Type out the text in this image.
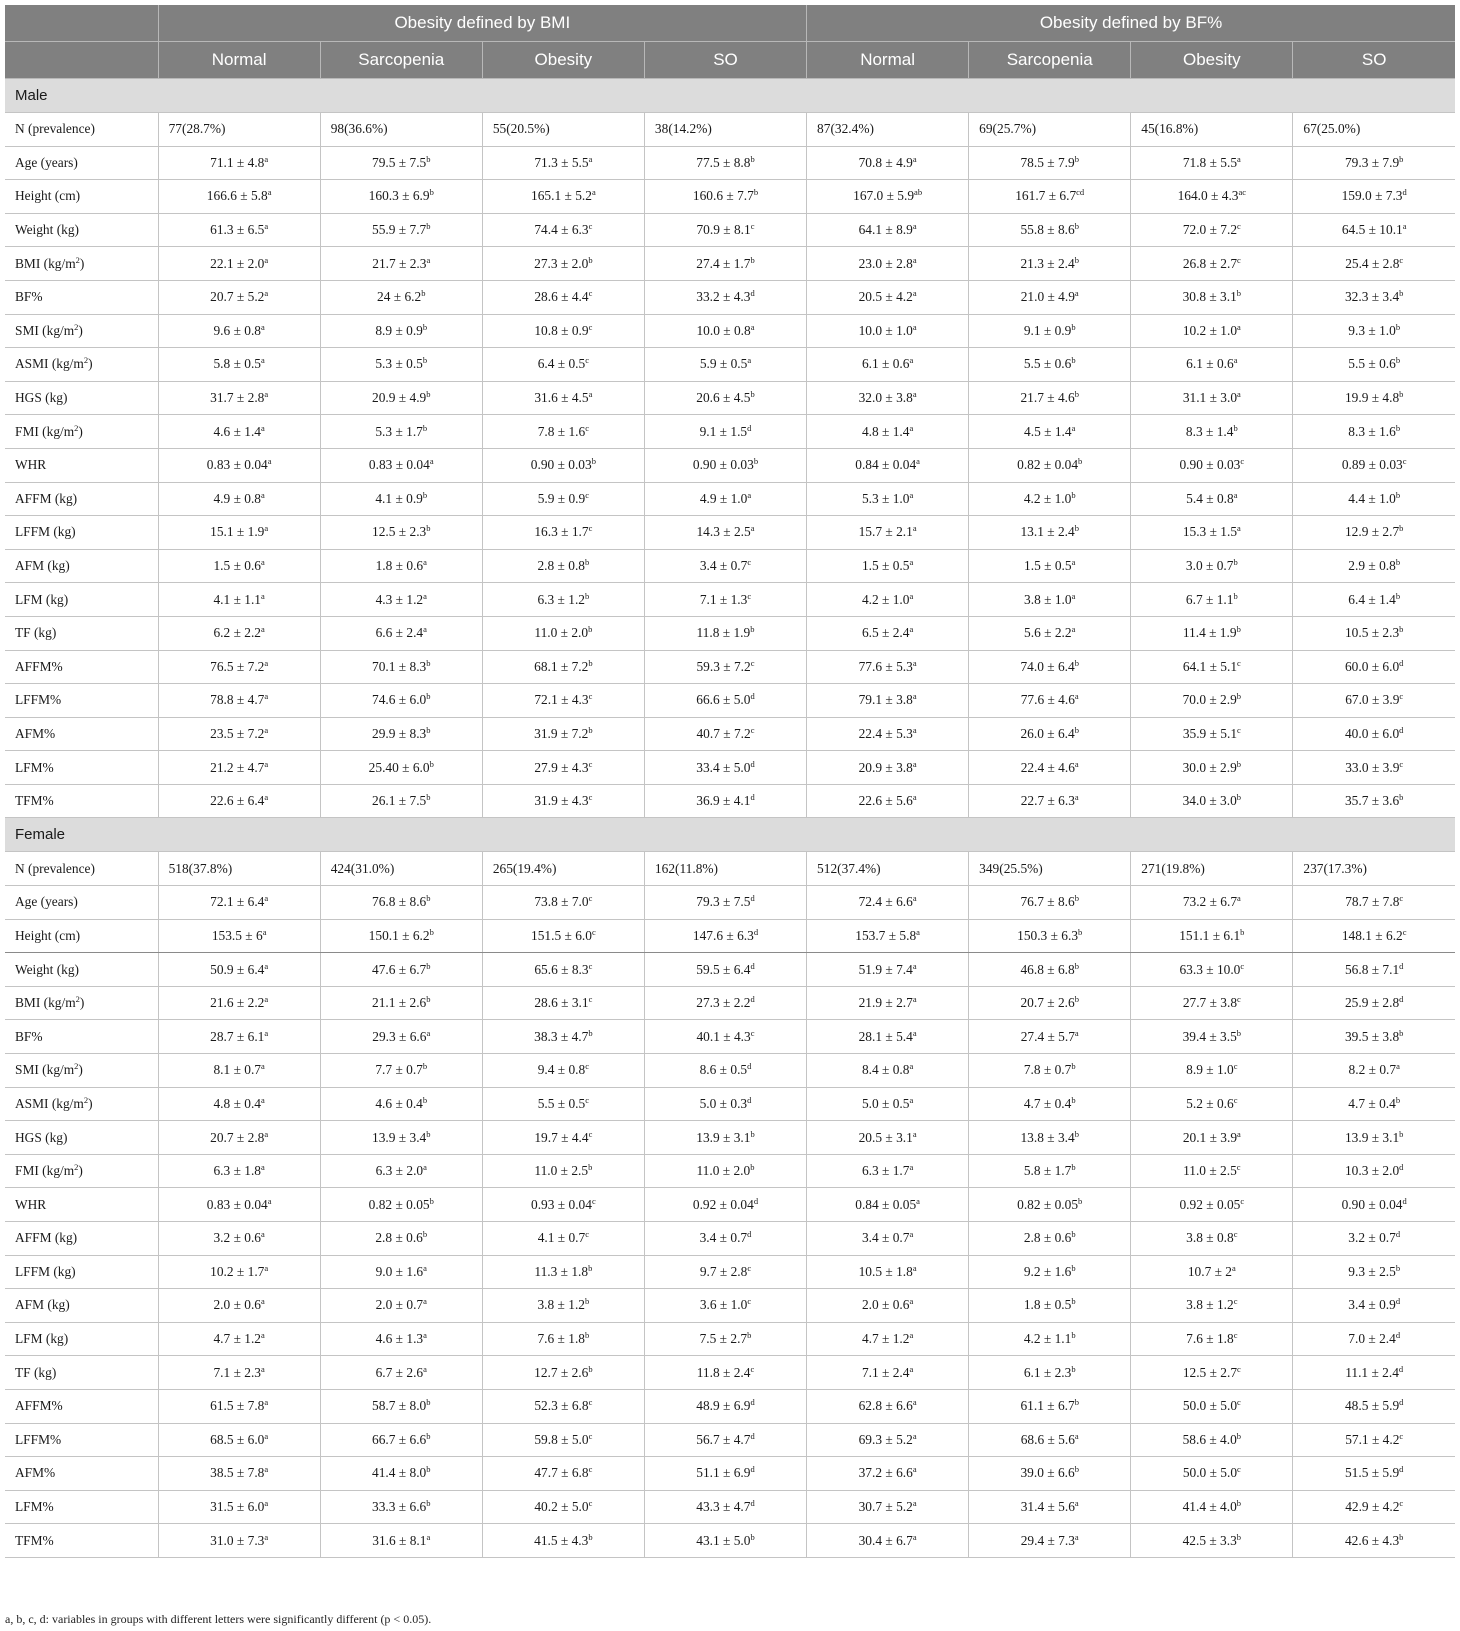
	Obesity defined by BMI				Obesity defined by BF%			
	Normal	Sarcopenia	Obesity	SO	Normal	Sarcopenia	Obesity	SO
Male								
N (prevalence)	77(28.7%)	98(36.6%)	55(20.5%)	38(14.2%)	87(32.4%)	69(25.7%)	45(16.8%)	67(25.0%)
Age (years)	71.1 ± 4.8$^a$	79.5 ± 7.5$^b$	71.3 ± 5.5$^a$	77.5 ± 8.8$^b$	70.8 ± 4.9$^a$	78.5 ± 7.9$^b$	71.8 ± 5.5$^a$	79.3 ± 7.9$^b$
Height (cm)	166.6 ± 5.8$^a$	160.3 ± 6.9$^b$	165.1 ± 5.2$^a$	160.6 ± 7.7$^b$	167.0 ± 5.9$^{ab}$	161.7 ± 6.7$^{cd}$	164.0 ± 4.3$^{ac}$	159.0 ± 7.3$^d$
Weight (kg)	61.3 ± 6.5$^a$	55.9 ± 7.7$^b$	74.4 ± 6.3$^c$	70.9 ± 8.1$^c$	64.1 ± 8.9$^a$	55.8 ± 8.6$^b$	72.0 ± 7.2$^c$	64.5 ± 10.1$^a$
BMI $(kg/m^2)$	22.1 ± 2.0$^a$	21.7 ± 2.3$^a$	27.3 ± 2.0$^b$	27.4 ± 1.7$^b$	23.0 ± 2.8$^a$	21.3 ± 2.4$^b$	26.8 ± 2.7$^c$	25.4 ± 2.8$^c$
BF%	20.7 ± 5.2$^a$	24 ± 6.2$^b$	28.6 ± 4.4$^c$	33.2 ± 4.3$^d$	20.5 ± 4.2$^a$	21.0 ± 4.9$^a$	30.8 ± 3.1$^b$	32.3 ± 3.4$^b$
SMI $(kg/m^2)$	9.6 ± 0.8$^a$	8.9 ± 0.9$^b$	10.8 ± 0.9$^c$	10.0 ± 0.8$^a$	10.0 ± 1.0$^a$	9.1 ± 0.9$^b$	10.2 ± 1.0$^a$	9.3 ± 1.0$^b$
ASMI $(kg/m^2)$	5.8 ± 0.5$^a$	5.3 ± 0.5$^b$	6.4 ± 0.5$^c$	5.9 ± 0.5$^a$	6.1 ± 0.6$^a$	5.5 ± 0.6$^b$	6.1 ± 0.6$^a$	5.5 ± 0.6$^b$
HGS (kg)	31.7 ± 2.8$^a$	20.9 ± 4.9$^b$	31.6 ± 4.5$^a$	20.6 ± 4.5$^b$	32.0 ± 3.8$^a$	21.7 ± 4.6$^b$	31.1 ± 3.0$^a$	19.9 ± 4.8$^b$
FMI $(kg/m^2)$	4.6 ± 1.4$^a$	5.3 ± 1.7$^b$	7.8 ± 1.6$^c$	9.1 ± 1.5$^d$	4.8 ± 1.4$^a$	4.5 ± 1.4$^a$	8.3 ± 1.4$^b$	8.3 ± 1.6$^b$
WHR	0.83 ± 0.04$^a$	0.83 ± 0.04$^a$	0.90 ± 0.03$^b$	0.90 ± 0.03$^b$	0.84 ± 0.04$^a$	0.82 ± 0.04$^b$	0.90 ± 0.03$^c$	0.89 ± 0.03$^c$
AFFM (kg)	4.9 ± 0.8$^a$	4.1 ± 0.9$^b$	5.9 ± 0.9$^c$	4.9 ± 1.0$^a$	5.3 ± 1.0$^a$	4.2 ± 1.0$^b$	5.4 ± 0.8$^a$	4.4 ± 1.0$^b$
LFFM (kg)	15.1 ± 1.9$^a$	12.5 ± 2.3$^b$	16.3 ± 1.7$^c$	14.3 ± 2.5$^a$	15.7 ± 2.1$^a$	13.1 ± 2.4$^b$	15.3 ± 1.5$^a$	12.9 ± 2.7$^b$
AFM (kg)	1.5 ± 0.6$^a$	1.8 ± 0.6$^a$	2.8 ± 0.8$^b$	3.4 ± 0.7$^c$	1.5 ± 0.5$^a$	1.5 ± 0.5$^a$	3.0 ± 0.7$^b$	2.9 ± 0.8$^b$
LFM (kg)	4.1 ± 1.1$^a$	4.3 ± 1.2$^a$	6.3 ± 1.2$^b$	7.1 ± 1.3$^c$	4.2 ± 1.0$^a$	3.8 ± 1.0$^a$	6.7 ± 1.1$^b$	6.4 ± 1.4$^b$
TF (kg)	6.2 ± 2.2$^a$	6.6 ± 2.4$^a$	11.0 ± 2.0$^b$	11.8 ± 1.9$^b$	6.5 ± 2.4$^a$	5.6 ± 2.2$^a$	11.4 ± 1.9$^b$	10.5 ± 2.3$^b$
AFFM%	76.5 ± 7.2$^a$	70.1 ± 8.3$^b$	68.1 ± 7.2$^b$	59.3 ± 7.2$^c$	77.6 ± 5.3$^a$	74.0 ± 6.4$^b$	64.1 ± 5.1$^c$	60.0 ± 6.0$^d$
LFFM%	78.8 ± 4.7$^a$	74.6 ± 6.0$^b$	72.1 ± 4.3$^c$	66.6 ± 5.0$^d$	79.1 ± 3.8$^a$	77.6 ± 4.6$^a$	70.0 ± 2.9$^b$	67.0 ± 3.9$^c$
AFM%	23.5 ± 7.2$^a$	29.9 ± 8.3$^b$	31.9 ± 7.2$^b$	40.7 ± 7.2$^c$	22.4 ± 5.3$^a$	26.0 ± 6.4$^b$	35.9 ± 5.1$^c$	40.0 ± 6.0$^d$
LFM%	21.2 ± 4.7$^a$	25.40 ± 6.0$^b$	27.9 ± 4.3$^c$	33.4 ± 5.0$^d$	20.9 ± 3.8$^a$	22.4 ± 4.6$^a$	30.0 ± 2.9$^b$	33.0 ± 3.9$^c$
TFM%	22.6 ± 6.4$^a$	26.1 ± 7.5$^b$	31.9 ± 4.3$^c$	36.9 ± 4.1$^d$	22.6 ± 5.6$^a$	22.7 ± 6.3$^a$	34.0 ± 3.0$^b$	35.7 ± 3.6$^b$
Female								
N (prevalence)	518(37.8%)	424(31.0%)	265(19.4%)	162(11.8%)	512(37.4%)	349(25.5%)	271(19.8%)	237(17.3%)
Age (years)	72.1 ± 6.4$^a$	76.8 ± 8.6$^b$	73.8 ± 7.0$^c$	79.3 ± 7.5$^d$	72.4 ± 6.6$^a$	76.7 ± 8.6$^b$	73.2 ± 6.7$^a$	78.7 ± 7.8$^c$
Height (cm)	$153.5 \pm 6^a$	150.1 ± 6.2$^b$	151.5 ± 6.0$^c$	147.6 ± 6.3$^d$	153.7 ± 5.8$^a$	150.3 ± 6.3$^b$	151.1 ± 6.1$^b$	148.1 ± 6.2$^c$
Weight (kg)	50.9 ± 6.4$^a$	47.6 ± 6.7$^b$	65.6 ± 8.3$^c$	59.5 ± 6.4$^d$	51.9 ± 7.4$^a$	46.8 ± 6.8$^b$	63.3 ± 10.0$^c$	56.8 ± 7.1$^d$
BMI $(kg/m^2)$	21.6 ± 2.2$^a$	21.1 ± 2.6$^b$	28.6 ± 3.1$^c$	27.3 ± 2.2$^d$	21.9 ± 2.7$^a$	20.7 ± 2.6$^b$	27.7 ± 3.8$^c$	25.9 ± 2.8$^d$
BF%	28.7 ± 6.1$^a$	29.3 ± 6.6$^a$	38.3 ± 4.7$^b$	40.1 ± 4.3$^c$	28.1 ± 5.4$^a$	27.4 ± 5.7$^a$	39.4 ± 3.5$^b$	39.5 ± 3.8$^b$
SMI $(kg/m^2)$	8.1 ± 0.7$^a$	7.7 ± 0.7$^b$	9.4 ± 0.8$^c$	8.6 ± 0.5$^d$	8.4 ± 0.8$^a$	7.8 ± 0.7$^b$	8.9 ± 1.0$^c$	8.2 ± 0.7$^a$
ASMI $(kg/m^2)$	4.8 ± 0.4$^a$	4.6 ± 0.4$^b$	5.5 ± 0.5$^c$	5.0 ± 0.3$^d$	5.0 ± 0.5$^a$	4.7 ± 0.4$^b$	5.2 ± 0.6$^c$	4.7 ± 0.4$^b$
HGS (kg)	20.7 ± 2.8$^a$	13.9 ± 3.4$^b$	19.7 ± 4.4$^c$	13.9 ± 3.1$^b$	20.5 ± 3.1$^a$	13.8 ± 3.4$^b$	20.1 ± 3.9$^a$	13.9 ± 3.1$^b$
FMI $(kg/m^2)$	6.3 ± 1.8$^a$	6.3 ± 2.0$^a$	11.0 ± 2.5$^b$	11.0 ± 2.0$^b$	6.3 ± 1.7$^a$	5.8 ± 1.7$^b$	11.0 ± 2.5$^c$	10.3 ± 2.0$^d$
WHR	0.83 ± 0.04$^a$	0.82 ± 0.05$^b$	0.93 ± 0.04$^c$	0.92 ± 0.04$^d$	0.84 ± 0.05$^a$	0.82 ± 0.05$^b$	0.92 ± 0.05$^c$	0.90 ± 0.04$^d$
AFFM (kg)	3.2 ± 0.6$^a$	2.8 ± 0.6$^b$	4.1 ± 0.7$^c$	3.4 ± 0.7$^d$	3.4 ± 0.7$^a$	2.8 ± 0.6$^b$	3.8 ± 0.8$^c$	3.2 ± 0.7$^d$
LFFM (kg)	10.2 ± 1.7$^a$	9.0 ± 1.6$^a$	11.3 ± 1.8$^b$	9.7 ± 2.8$^c$	10.5 ± 1.8$^a$	9.2 ± 1.6$^b$	$10.7 \pm 2^a$	9.3 ± 2.5$^b$
AFM (kg)	2.0 ± 0.6$^a$	2.0 ± 0.7$^a$	3.8 ± 1.2$^b$	3.6 ± 1.0$^c$	2.0 ± 0.6$^a$	1.8 ± 0.5$^b$	3.8 ± 1.2$^c$	3.4 ± 0.9$^d$
LFM (kg)	4.7 ± 1.2$^a$	4.6 ± 1.3$^a$	7.6 ± 1.8$^b$	7.5 ± 2.7$^b$	4.7 ± 1.2$^a$	4.2 ± 1.1$^b$	7.6 ± 1.8$^c$	7.0 ± 2.4$^d$
TF (kg)	7.1 ± 2.3$^a$	6.7 ± 2.6$^a$	12.7 ± 2.6$^b$	11.8 ± 2.4$^c$	7.1 ± 2.4$^a$	6.1 ± 2.3$^b$	12.5 ± 2.7$^c$	11.1 ± 2.4$^d$
AFFM%	61.5 ± 7.8$^a$	58.7 ± 8.0$^b$	52.3 ± 6.8$^c$	48.9 ± 6.9$^d$	62.8 ± 6.6$^a$	61.1 ± 6.7$^b$	50.0 ± 5.0$^c$	48.5 ± 5.9$^d$
LFFM%	68.5 ± 6.0$^a$	66.7 ± 6.6$^b$	59.8 ± 5.0$^c$	56.7 ± 4.7$^d$	69.3 ± 5.2$^a$	68.6 ± 5.6$^a$	58.6 ± 4.0$^b$	57.1 ± 4.2$^c$
AFM%	38.5 ± 7.8$^a$	41.4 ± 8.0$^b$	47.7 ± 6.8$^c$	51.1 ± 6.9$^d$	37.2 ± 6.6$^a$	39.0 ± 6.6$^b$	50.0 ± 5.0$^c$	51.5 ± 5.9$^d$
LFM%	31.5 ± 6.0$^a$	33.3 ± 6.6$^b$	40.2 ± 5.0$^c$	43.3 ± 4.7$^d$	30.7 ± 5.2$^a$	31.4 ± 5.6$^a$	41.4 ± 4.0$^b$	42.9 ± 4.2$^c$
TFM%	31.0 ± 7.3$^a$	31.6 ± 8.1$^a$	41.5 ± 4.3$^b$	43.1 ± 5.0$^b$	30.4 ± 6.7$^a$	29.4 ± 7.3$^a$	42.5 ± 3.3$^b$	42.6 ± 4.3$^b$
a, b, c, d: variables in groups with different letters were significantly different (p < 0.05).
